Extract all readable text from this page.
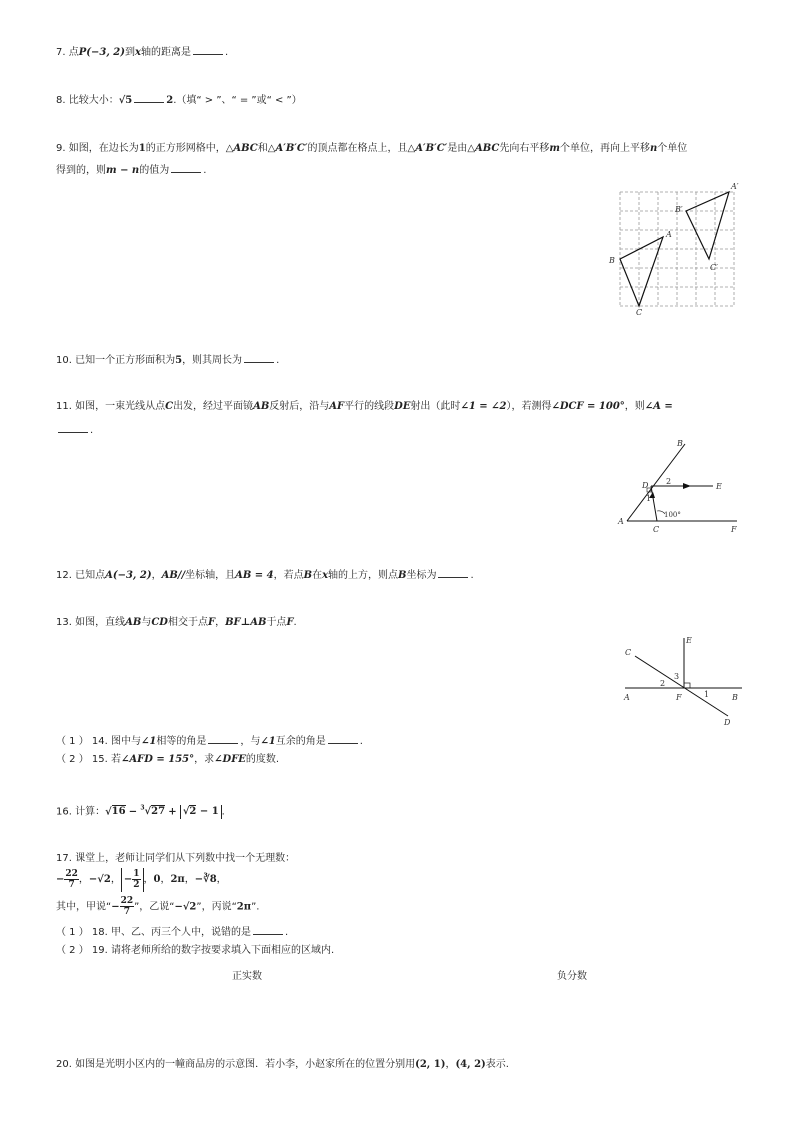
7. 点P(−3, 2)到x轴的距离是	.
8. 比较大小：√5	2.（填“ > ”、“ = ”或“ < ”）
9. 如图，在边长为1的正方形网格中，△ABC和△A′B′C′的顶点都在格点上，且△A′B′C′是由△ABC先向右平移m个单位，再向上平移n个单位
得到的，则m − n的值为	.
A′
B′
C′
A
B
C
10. 已知一个正方形面积为5，则其周长为	.
11. 如图，一束光线从点C出发，经过平面镜AB反射后，沿与AF平行的线段DE射出（此时∠1 = ∠2），若测得∠DCF = 100°，则∠A =
.
B
D 2
E
1
100°
A
C	F
12. 已知点A(−3, 2)，AB//坐标轴，且AB = 4，若点B在x轴的上方，则点B坐标为	.
13. 如图，直线AB与CD相交于点F，BF⊥AB于点F.
C
E
3
2
1
A	F	B
D
（ 1 ） 14. 图中与∠1相等的角是	，与∠1互余的角是	.
（ 2 ） 15. 若∠AFD = 155°，求∠DFE的度数.
16. 计算：√16 − $^3$√27 + √2 − 1 .
17. 课堂上，老师让同学们从下列数中找一个无理数：
− $\frac{22}{7}$ ，−√2， − $\frac{1}{2}$ ，0，2π，−∛8，
其中，甲说“− $\frac{22}{7}$ ”，乙说“−√2”，丙说“2π”.
（ 1 ） 18. 甲、乙、丙三个人中，说错的是	.
（ 2 ） 19. 请将老师所给的数字按要求填入下面相应的区域内.
正实数	负分数
20. 如图是光明小区内的一幢商品房的示意图．若小李，小赵家所在的位置分别用(2, 1)，(4, 2)表示.
